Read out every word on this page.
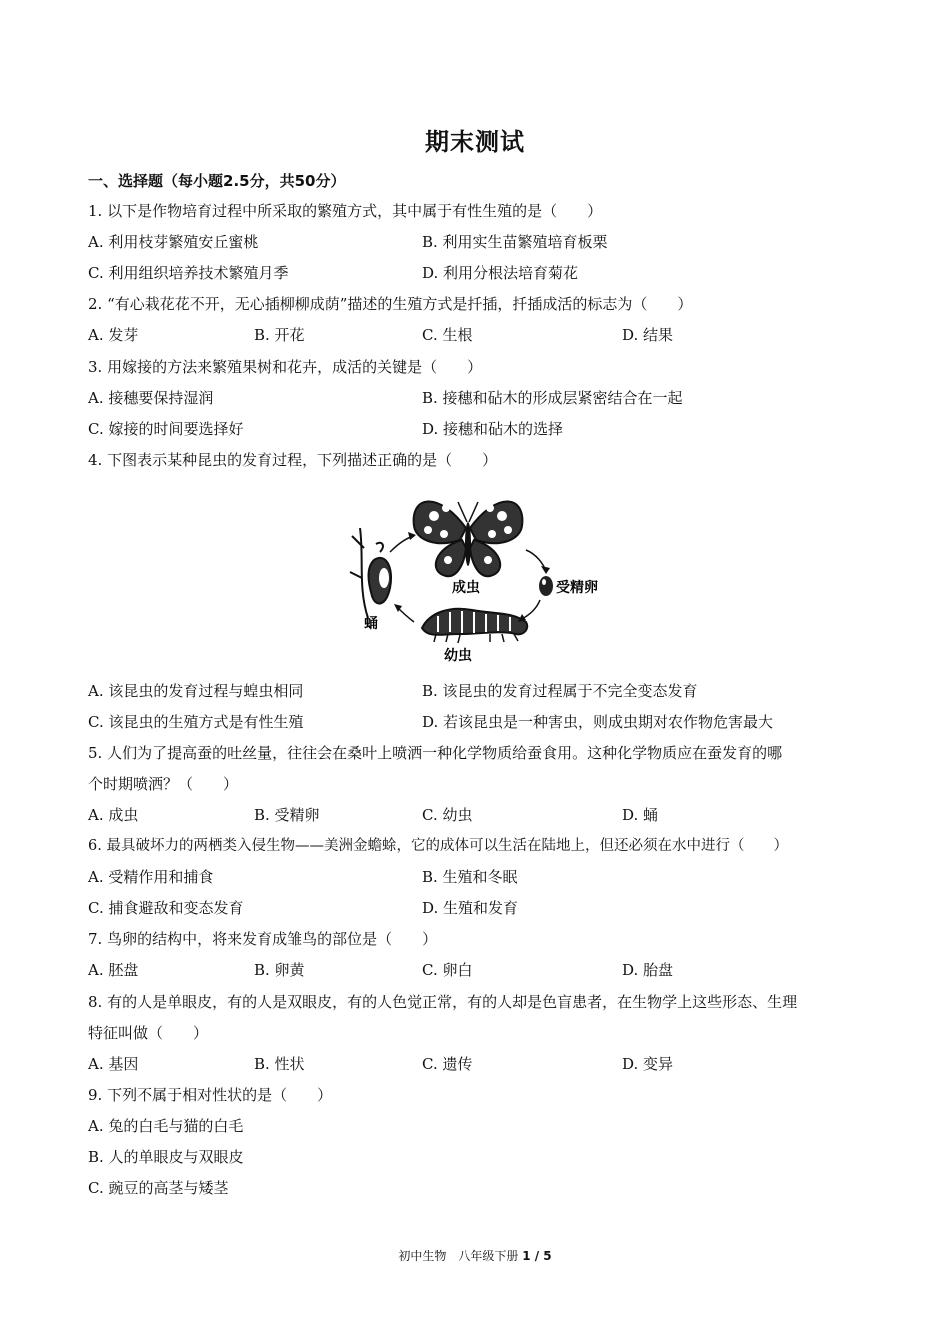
期末测试
一、选择题（每小题2.5分，共50分）
1. 以下是作物培育过程中所采取的繁殖方式，其中属于有性生殖的是（　　）
A. 利用枝芽繁殖安丘蜜桃	B. 利用实生苗繁殖培育板栗
C. 利用组织培养技术繁殖月季	D. 利用分根法培育菊花
2. “有心栽花花不开，无心插柳柳成荫”描述的生殖方式是扦插，扦插成活的标志为（　　）
A. 发芽	B. 开花	C. 生根	D. 结果
3. 用嫁接的方法来繁殖果树和花卉，成活的关键是（　　）
A. 接穗要保持湿润	B. 接穗和砧木的形成层紧密结合在一起
C. 嫁接的时间要选择好	D. 接穗和砧木的选择
4. 下图表示某种昆虫的发育过程，下列描述正确的是（　　）
成虫	受精卵
幼虫
蛹
A. 该昆虫的发育过程与蝗虫相同	B. 该昆虫的发育过程属于不完全变态发育
C. 该昆虫的生殖方式是有性生殖	D. 若该昆虫是一种害虫，则成虫期对农作物危害最大
5. 人们为了提高蚕的吐丝量，往往会在桑叶上喷洒一种化学物质给蚕食用。这种化学物质应在蚕发育的哪
个时期喷洒？（　　）
A. 成虫	B. 受精卵	C. 幼虫	D. 蛹
6. 最具破坏力的两栖类入侵生物——美洲金蟾蜍，它的成体可以生活在陆地上，但还必须在水中进行（　　）
A. 受精作用和捕食	B. 生殖和冬眠
C. 捕食避敌和变态发育	D. 生殖和发育
7. 鸟卵的结构中，将来发育成雏鸟的部位是（　　）
A. 胚盘	B. 卵黄	C. 卵白	D. 胎盘
8. 有的人是单眼皮，有的人是双眼皮，有的人色觉正常，有的人却是色盲患者，在生物学上这些形态、生理
特征叫做（　　）
A. 基因	B. 性状	C. 遗传	D. 变异
9. 下列不属于相对性状的是（　　）
A. 兔的白毛与猫的白毛
B. 人的单眼皮与双眼皮
C. 豌豆的高茎与矮茎
初中生物　八年级下册 1 / 5
